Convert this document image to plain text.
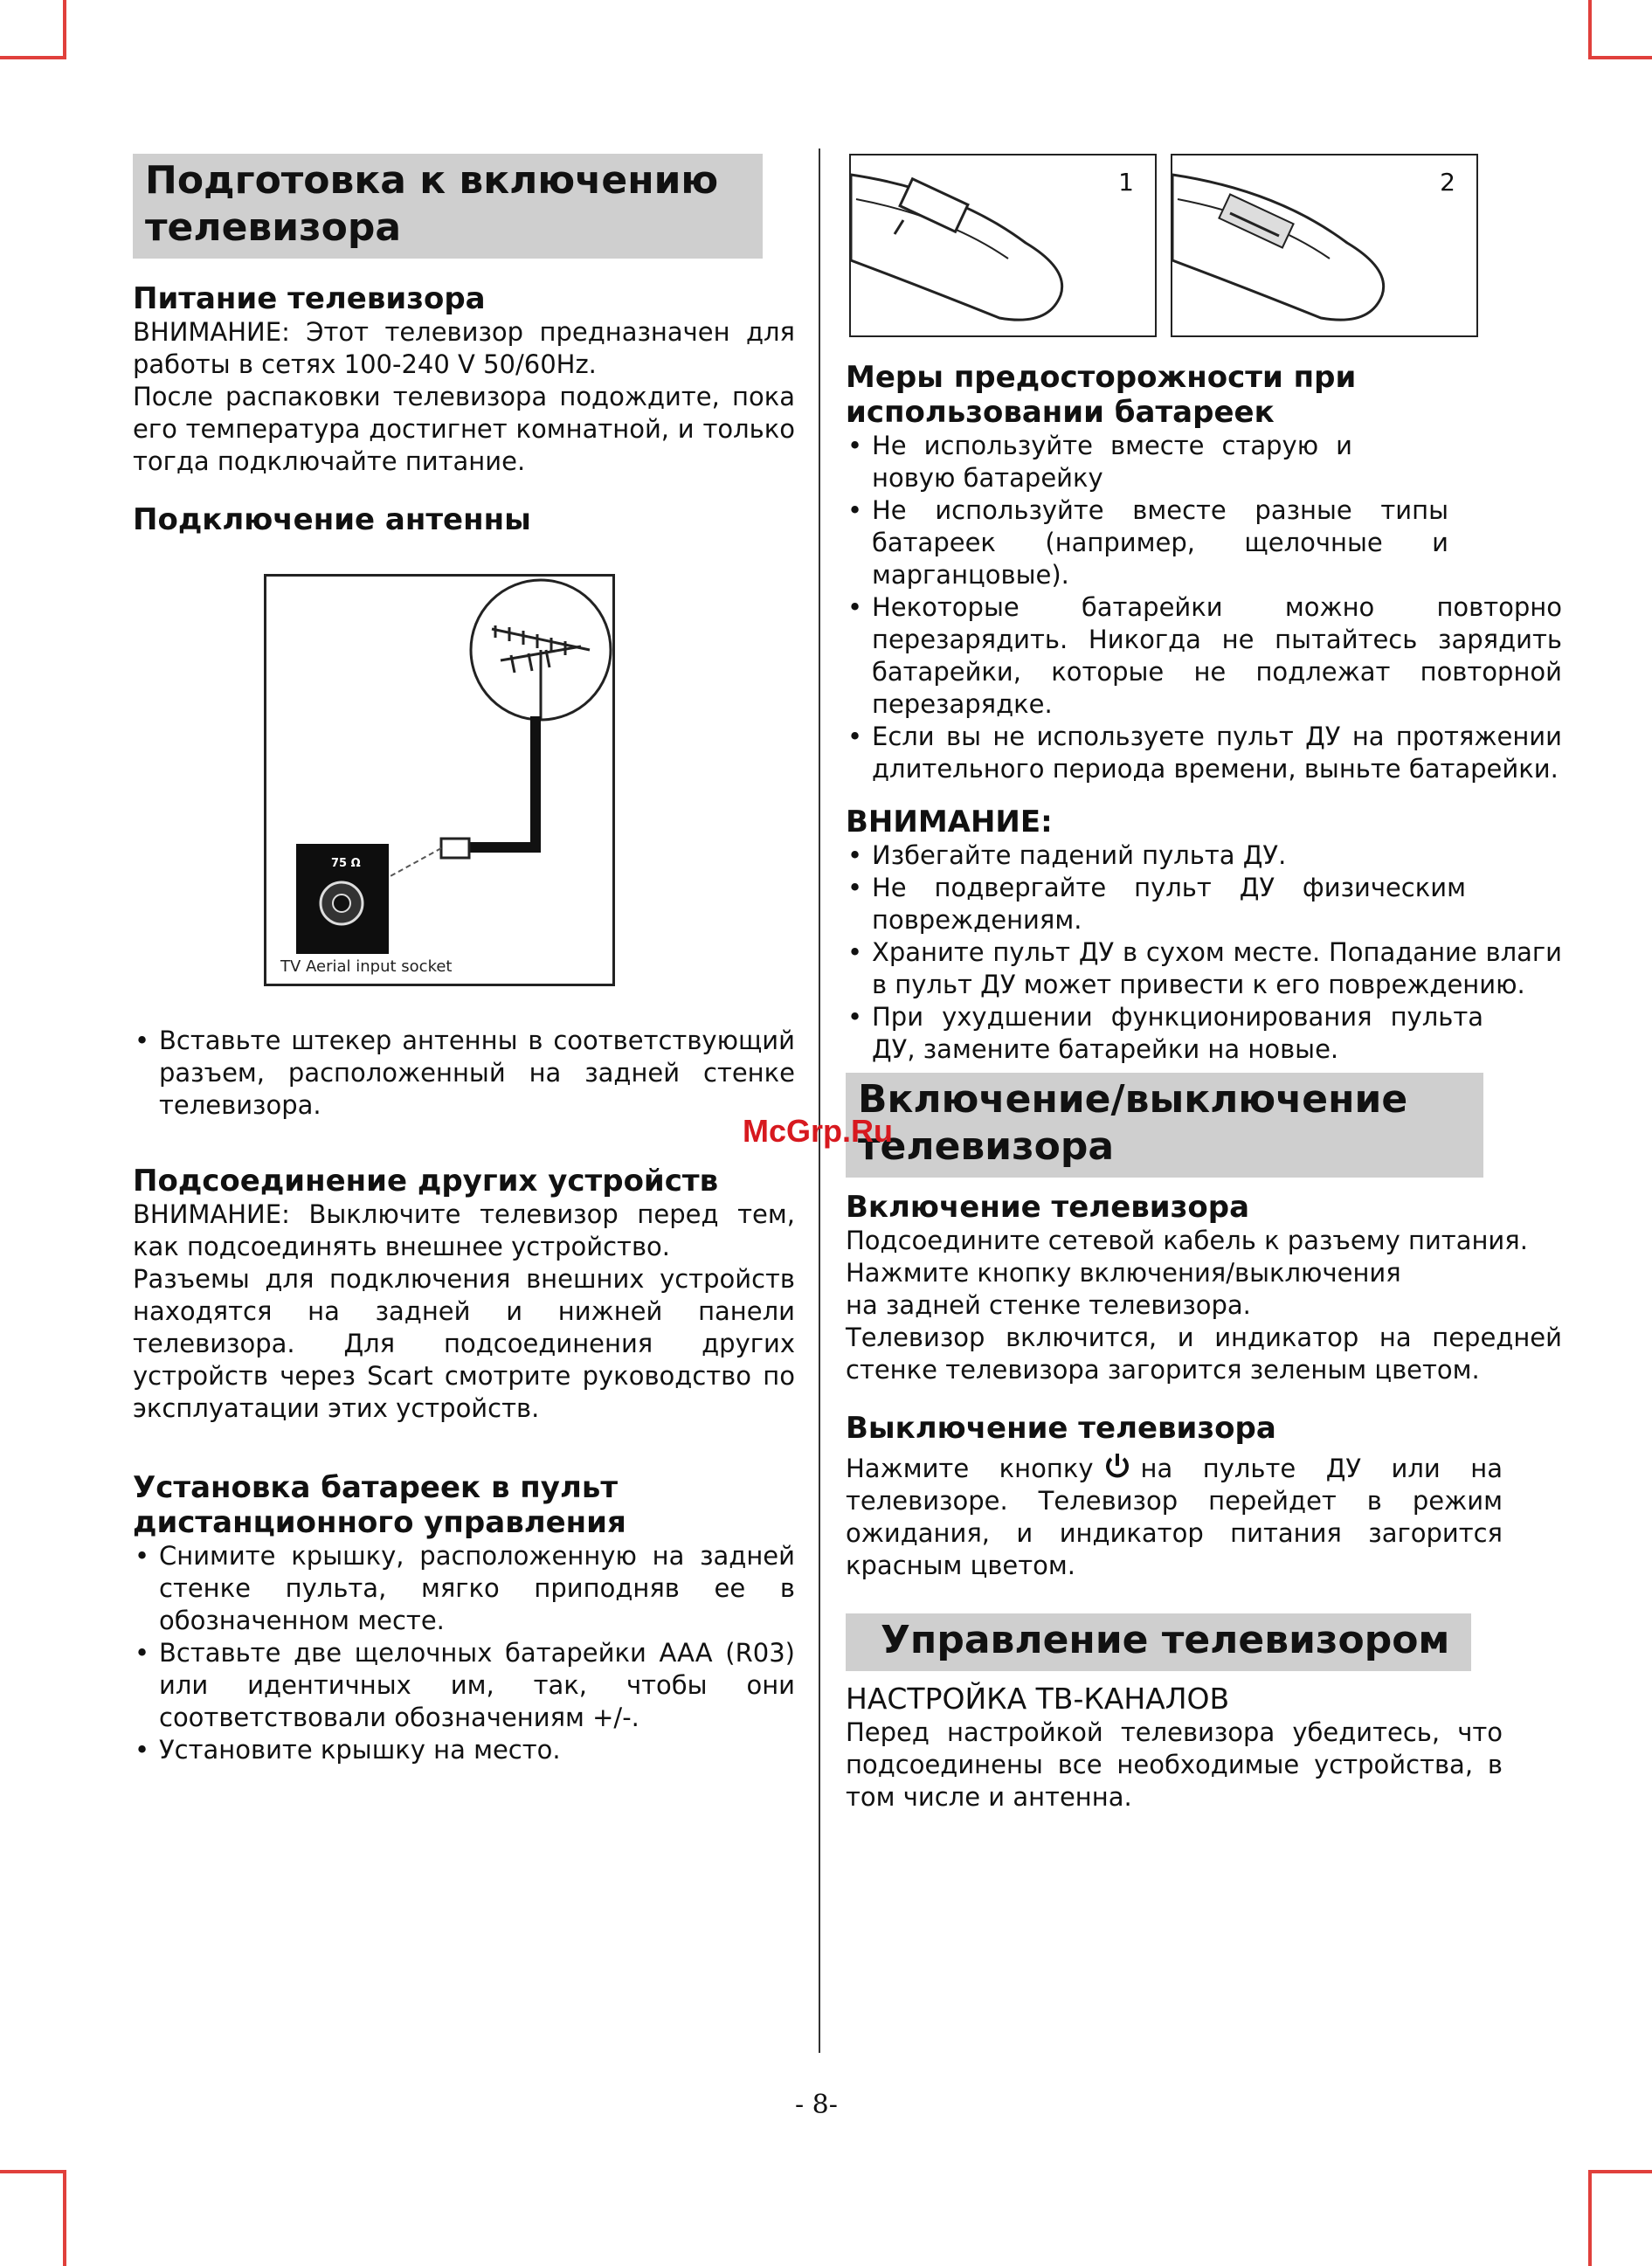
Подготовка к включению телевизора
Питание телевизора
ВНИМАНИЕ: Этот телевизор предназначен для работы в сетях 100-240 V 50/60Hz.
После распаковки телевизора подождите, пока его температура достигнет комнатной, и только тогда подключайте питание.
Подключение антенны
75 Ω
TV Aerial input socket
• Вставьте штекер антенны в соответствующий разъем, расположенный на задней стенке телевизора.
Подсоединение других устройств
ВНИМАНИЕ: Выключите телевизор перед тем, как подсоединять внешнее устройство.
Разъемы для подключения внешних устройств находятся на задней и нижней панели телевизора. Для подсоединения других устройств через Scart смотрите руководство по эксплуатации этих устройств.
Установка батареек в пульт дистанционного управления
• Снимите крышку, расположенную на задней стенке пульта, мягко приподняв ее в обозначенном месте.
• Вставьте две щелочных батарейки AAA (R03) или идентичных им, так, чтобы они соответствовали обозначениям +/-.
• Установите крышку на место.
1	2
Меры предосторожности при использовании батареек
• Не используйте вместе старую и новую батарейку
• Не используйте вместе разные типы батареек (например, щелочные и марганцовые).
• Некоторые батарейки можно повторно перезарядить. Никогда не пытайтесь зарядить батарейки, которые не подлежат повторной перезарядке.
• Если вы не используете пульт ДУ на протяжении длительного периода времени, выньте батарейки.
ВНИМАНИЕ:
• Избегайте падений пульта ДУ.
• Не подвергайте пульт ДУ физическим повреждениям.
• Храните пульт ДУ в сухом месте. Попадание влаги в пульт ДУ может привести к его повреждению.
• При ухудшении функционирования пульта ДУ, замените батарейки на новые.
Включение/выключение телевизора
Включение телевизора
Подсоедините сетевой кабель к разъему питания.
Нажмите кнопку включения/выключения
на задней стенке телевизора.
Телевизор включится, и индикатор на передней стенке телевизора загорится зеленым цветом.
Выключение телевизора
Нажмите кнопку на пульте ДУ или на телевизоре. Телевизор перейдет в режим ожидания, и индикатор питания загорится красным цветом.
Управление телевизором
НАСТРОЙКА ТВ-КАНАЛОВ
Перед настройкой телевизора убедитесь, что подсоединены все необходимые устройства, в том числе и антенна.
McGrp.Ru
- 8-
